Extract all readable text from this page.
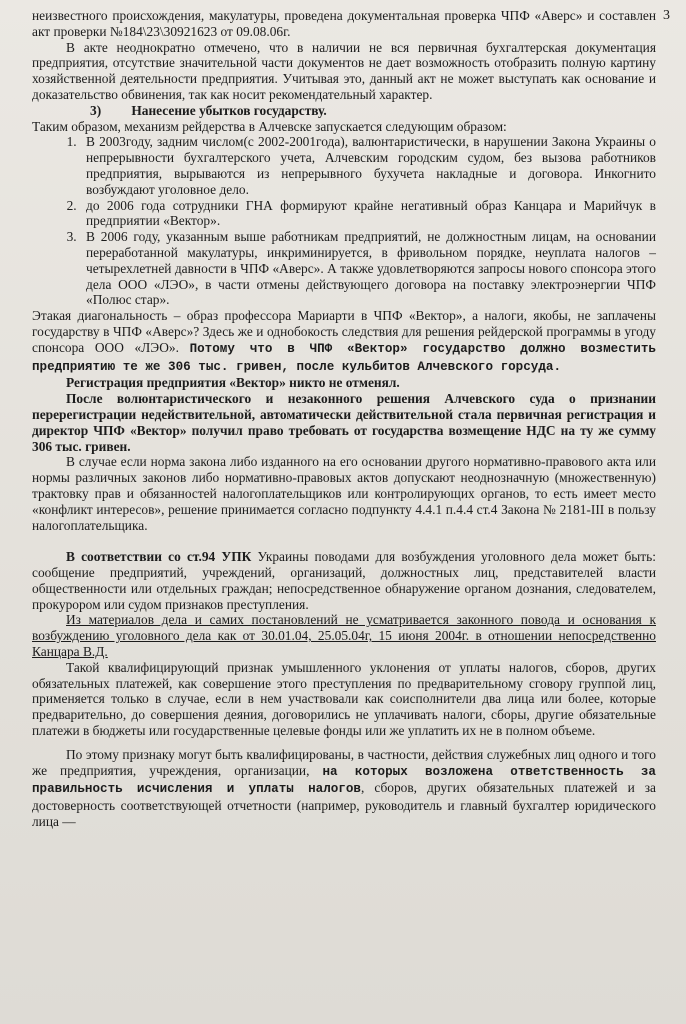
3

неизвестного происхождения, макулатуры, проведена документальная проверка ЧПФ «Аверс» и составлен акт проверки №184\23\30921623 от 09.08.06г.

В акте неоднократно отмечено, что в наличии не вся первичная бухгалтерская документация предприятия, отсутствие значительной части документов не дает возможность отобразить полную картину хозяйственной деятельности предприятия. Учитывая это, данный акт не может выступать как основание и доказательство обвинения, так как носит рекомендательный характер.

3) Нанесение убытков государству.

Таким образом, механизм рейдерства в Алчевске запускается следующим образом:

1. В 2003году, задним числом(с 2002-2001года), валюнтаристически, в нарушении Закона Украины о непрерывности бухгалтерского учета, Алчевским городским судом, без вызова работников предприятия, вырываются из непрерывного бухучета накладные и договора. Инкогнито возбуждают уголовное дело.
2. до 2006 года сотрудники ГНА формируют крайне негативный образ Канцара и Марийчук в предприятии «Вектор».
3. В 2006 году, указанным выше работникам предприятий, не должностным лицам, на основании переработанной макулатуры, инкриминируется, в фривольном порядке, неуплата налогов – четырехлетней давности в ЧПФ «Аверс». А также удовлетворяются запросы нового спонсора этого дела ООО «ЛЭО», в части отмены действующего договора на поставку электроэнергии ЧПФ «Полюс стар».

Этакая диагональность – образ профессора Мариарти в ЧПФ «Вектор», а налоги, якобы, не заплачены государству в ЧПФ «Аверс»? Здесь же и однобокость следствия для решения рейдерской программы в угоду спонсора ООО «ЛЭО». Потому что в ЧПФ «Вектор» государство должно возместить предприятию те же 306 тыс. гривен, после кульбитов Алчевского горсуда.

Регистрация предприятия «Вектор» никто не отменял.

После волюнтаристического и незаконного решения Алчевского суда о признании перерегистрации недействительной, автоматически действительной стала первичная регистрация и директор ЧПФ «Вектор» получил право требовать от государства возмещение НДС на ту же сумму 306 тыс. гривен.

В случае если норма закона либо изданного на его основании другого нормативно-правового акта или нормы различных законов либо нормативно-правовых актов допускают неоднозначную (множественную) трактовку прав и обязанностей налогоплательщиков или контролирующих органов, то есть имеет место «конфликт интересов», решение принимается согласно подпункту 4.4.1 п.4.4 ст.4 Закона № 2181-III в пользу налогоплательщика.

В соответствии со ст.94 УПК Украины поводами для возбуждения уголовного дела может быть: сообщение предприятий, учреждений, организаций, должностных лиц, представителей власти общественности или отдельных граждан; непосредственное обнаружение органом дознания, следователем, прокурором или судом признаков преступления.

Из материалов дела и самих постановлений не усматривается законного повода и основания к возбуждению уголовного дела как от 30.01.04, 25.05.04г, 15 июня 2004г. в отношении непосредственно Канцара В.Д.

Такой квалифицирующий признак умышленного уклонения от уплаты налогов, сборов, других обязательных платежей, как совершение этого преступления по предварительному сговору группой лиц, применяется только в случае, если в нем участвовали как соисполнители два лица или более, которые предварительно, до совершения деяния, договорились не уплачивать налоги, сборы, другие обязательные платежи в бюджеты или государственные целевые фонды или же уплатить их не в полном объеме.

По этому признаку могут быть квалифицированы, в частности, действия служебных лиц одного и того же предприятия, учреждения, организации, на которых возложена ответственность за правильность исчисления и уплаты налогов, сборов, других обязательных платежей и за достоверность соответствующей отчетности (например, руководитель и главный бухгалтер юридического лица —
